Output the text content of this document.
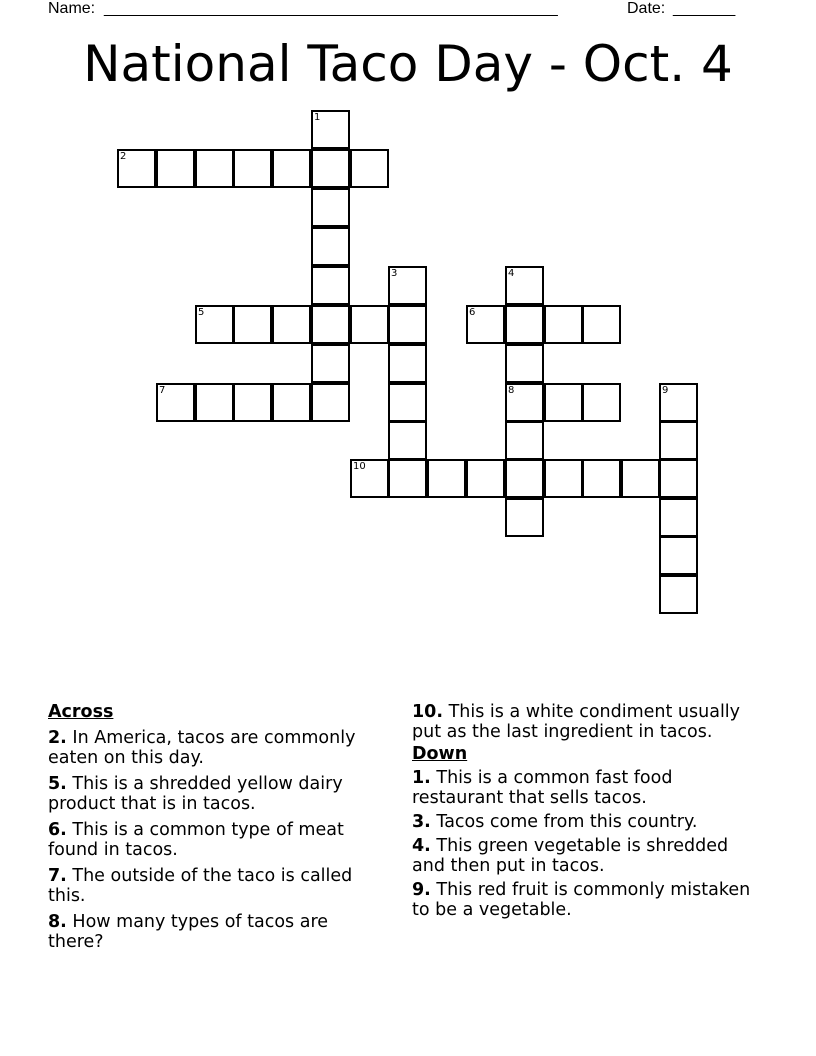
Name: ___________________________________________________	Date: _______
National Taco Day - Oct. 4
1
2
3	4
8
5	6
7	9
10
Across
2. In America, tacos are commonly eaten on this day.
5. This is a shredded yellow dairy product that is in tacos.
6. This is a common type of meat found in tacos.
7. The outside of the taco is called this.
8. How many types of tacos are there?
10. This is a white condiment usually put as the last ingredient in tacos.
Down
1. This is a common fast food restaurant that sells tacos.
3. Tacos come from this country.
4. This green vegetable is shredded and then put in tacos.
9. This red fruit is commonly mistaken to be a vegetable.
